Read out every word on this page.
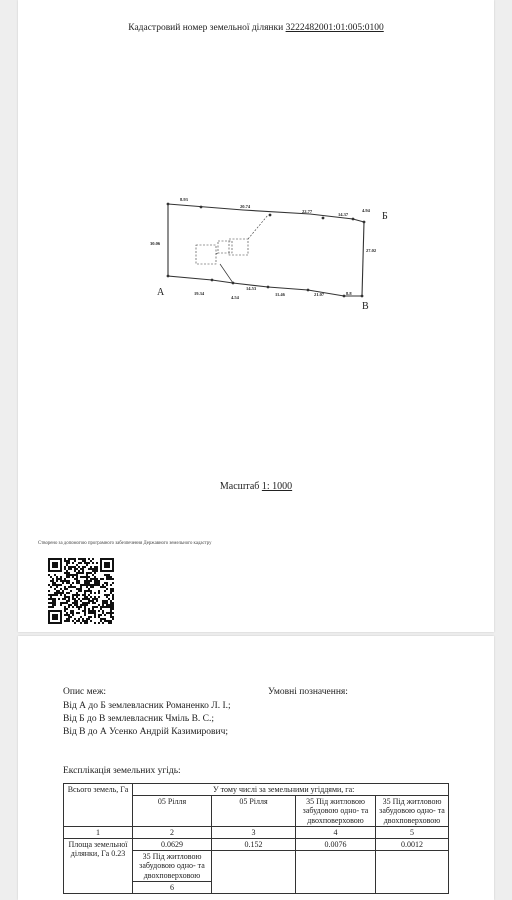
Кадастровий номер земельної ділянки 3222482001:01:005:0100
А
Б
В
8.93
20.74
22.77
14.37
4.94
30.06
27.02
14.53
19.34
4.54
11.46	21.07	8.8
Масштаб 1: 1000
Створено за допомогою програмного забезпечення Державного земельного кадастру
Опис меж:	Умовні позначення:
Від А до Б землевласник Романенко Л. І.;
Від Б до В землевласник Чміль В. С.;
Від В до А Усенко Андрій Казимирович;
Експлікація земельних угідь:
Всього земель, Га	У тому числі за земельними угіддями, га:			
	05 Рілля	05 Рілля	35 Під житловою забудовою одно- та двохповерховою	35 Під житловою забудовою одно- та двохповерховою
1	2	3	4	5
Площа земельної ділянки, Га 0.23	0.0629	0.152	0.0076	0.0012
	35 Під житловою забудовою одно- та двохповерховою			
	6			
